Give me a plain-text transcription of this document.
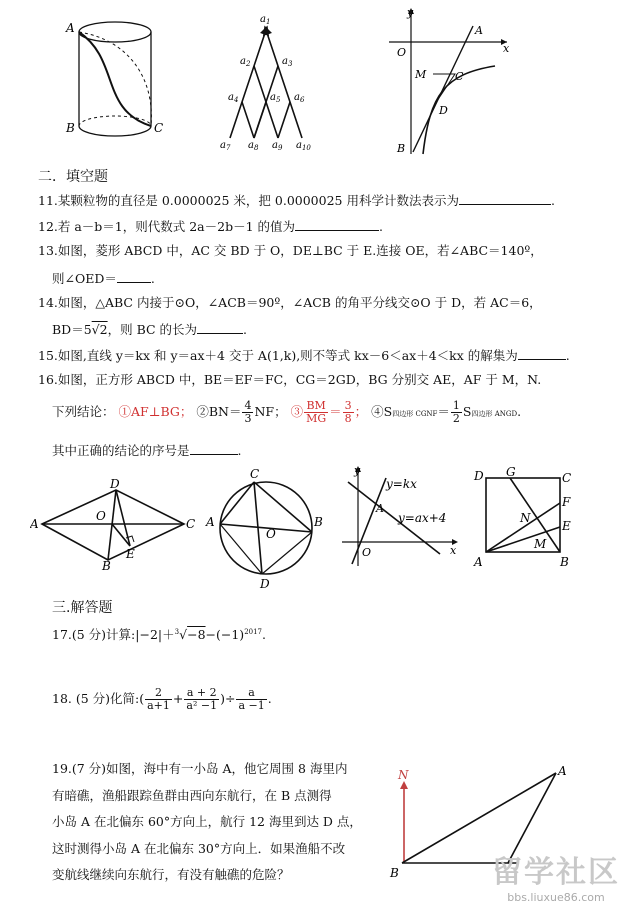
A
B	C
$a_1$
$a_2$	$a_3$
$a_4$	$a_5$ $a_6$
$a_7$ $a_8$ $a_9$ $a_{10}$
y
x
O
A
M	C
D
B
二．填空题
11.某颗粒物的直径是 0.0000025 米，把 0.0000025 用科学计数法表示为	.
12.若 a－b＝1，则代数式 2a－2b－1 的值为	.
13.如图，菱形 ABCD 中，AC 交 BD 于 O，DE⊥BC 于 E.连接 OE，若∠ABC＝140º，
则∠OED＝	.
14.如图，△ABC 内接于⊙O，∠ACB＝90º，∠ACB 的角平分线交⊙O 于 D，若 AC＝6，
BD＝5√2，则 BC 的长为	.
15.如图,直线 y＝kx 和 y＝ax＋4 交于 A(1,k),则不等式 kx－6＜ax＋4＜kx 的解集为	.
16.如图，正方形 ABCD 中，BE＝EF＝FC，CG＝2GD，BG 分别交 AE，AF 于 M，N.
下列结论： ①AF⊥BG； ②BN＝ $\frac{4}{3}$ NF； ③ $\frac{BM}{MG} = \frac{3}{8}$ ； ④S四边形 CGNF＝ $\frac{1}{2}$ S四边形 ANGD.
其中正确的结论的序号是	.
D
A
O
C
B
E
C
A	B
O
D
y
x
O
A
y=kx
y=ax+4
D G	C
F
N
E
M
A	B
三.解答题
17.(5 分)计算$:|-2|+^3√-8-(-1)^{2017}$.
18. (5 分)化简:( $\frac{2}{a+1} + \frac{a + 2}{\text{a² −1}}$ )÷ $\frac{a}{a -1}$ .
19.(7 分)如图，海中有一小岛 A，他它周围 8 海里内
有暗礁，渔船跟踪鱼群由西向东航行，在 B 点测得
小岛 A 在北偏东 60°方向上，航行 12 海里到达 D 点，
这时测得小岛 A 在北偏东 30°方向上．如果渔船不改
变航线继续向东航行，有没有触礁的危险？
N	A
B	留学社区
bbs.liuxue86.com
